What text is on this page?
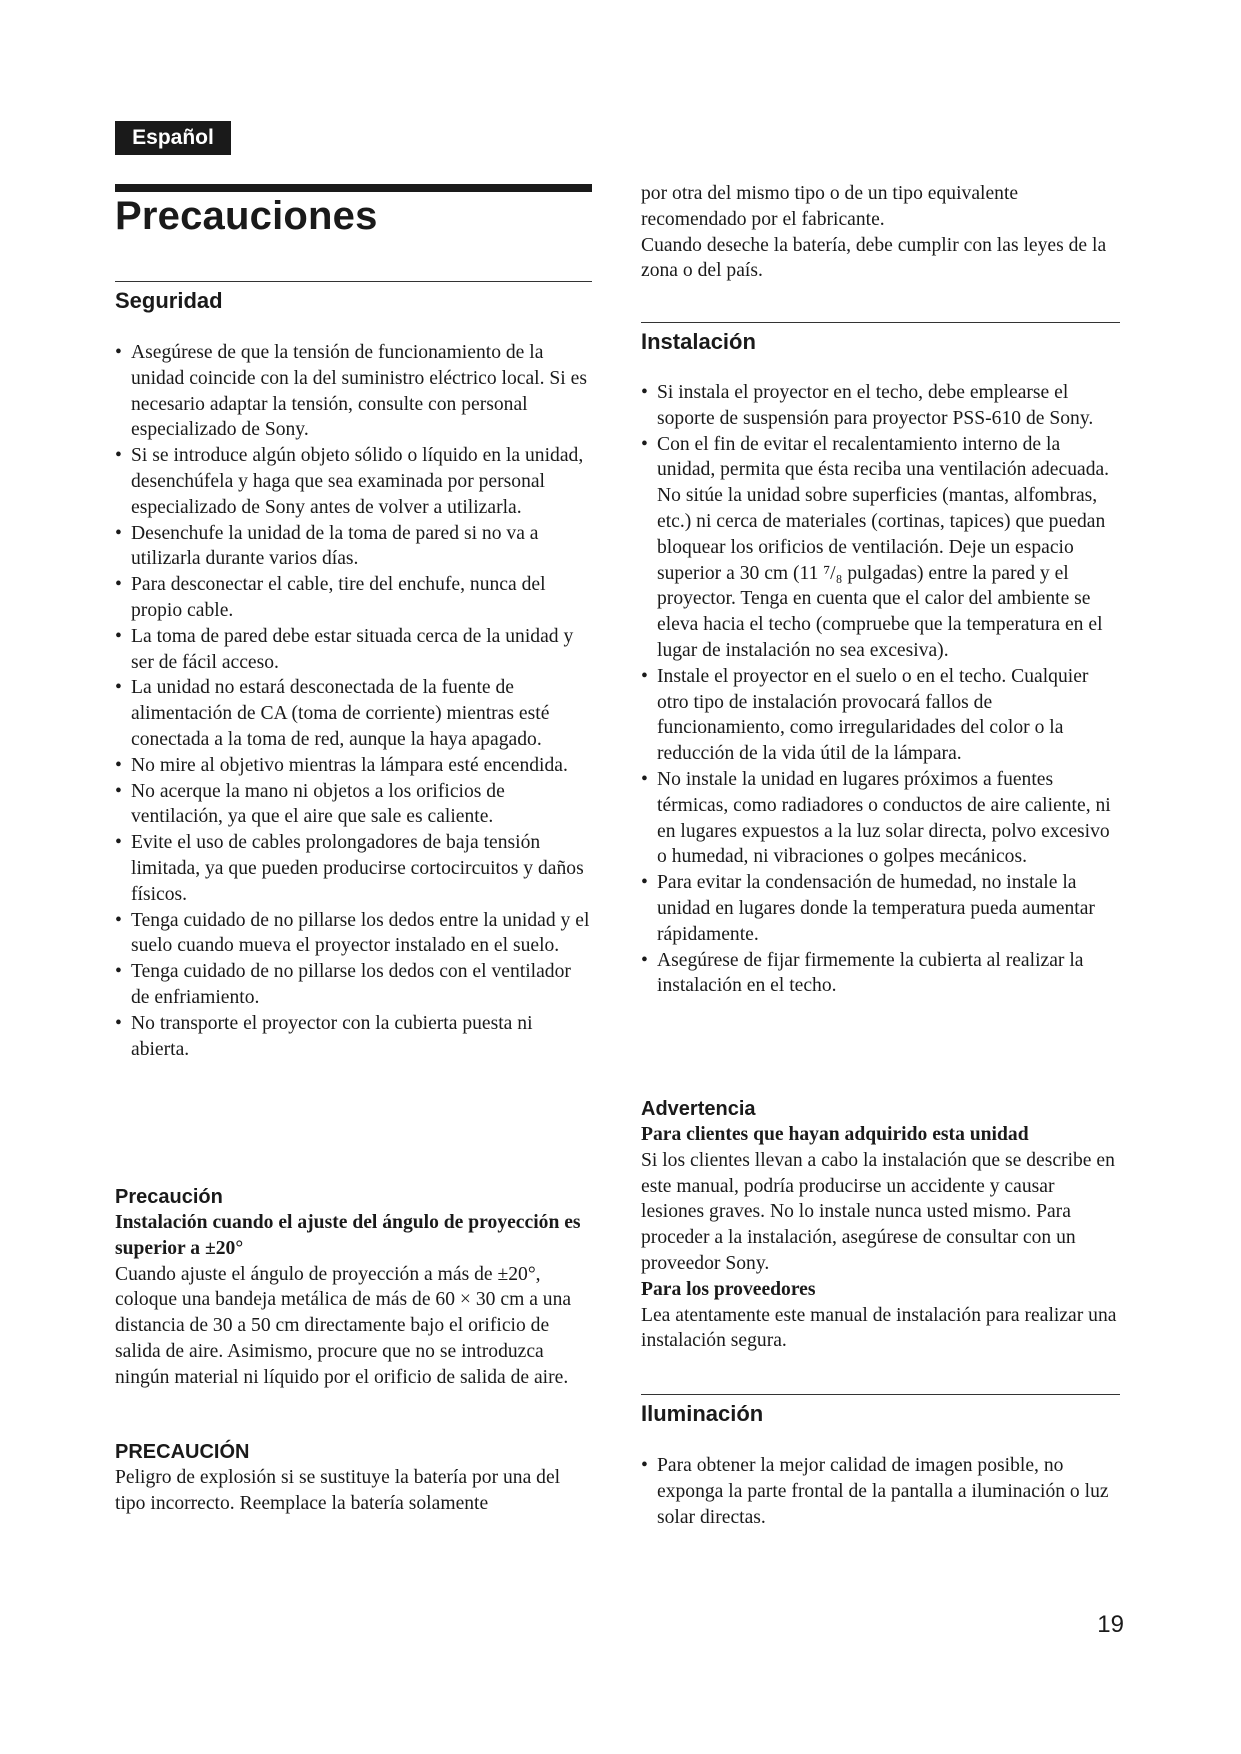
Español
Precauciones
Seguridad
• Asegúrese de que la tensión de funcionamiento de la unidad coincide con la del suministro eléctrico local. Si es necesario adaptar la tensión, consulte con personal especializado de Sony.
• Si se introduce algún objeto sólido o líquido en la unidad, desenchúfela y haga que sea examinada por personal especializado de Sony antes de volver a utilizarla.
• Desenchufe la unidad de la toma de pared si no va a utilizarla durante varios días.
• Para desconectar el cable, tire del enchufe, nunca del propio cable.
• La toma de pared debe estar situada cerca de la unidad y ser de fácil acceso.
• La unidad no estará desconectada de la fuente de alimentación de CA (toma de corriente) mientras esté conectada a la toma de red, aunque la haya apagado.
• No mire al objetivo mientras la lámpara esté encendida.
• No acerque la mano ni objetos a los orificios de ventilación, ya que el aire que sale es caliente.
• Evite el uso de cables prolongadores de baja tensión limitada, ya que pueden producirse cortocircuitos y daños físicos.
• Tenga cuidado de no pillarse los dedos entre la unidad y el suelo cuando mueva el proyector instalado en el suelo.
• Tenga cuidado de no pillarse los dedos con el ventilador de enfriamiento.
• No transporte el proyector con la cubierta puesta ni abierta.
Precaución

Instalación cuando el ajuste del ángulo de proyección es superior a ±20°

Cuando ajuste el ángulo de proyección a más de ±20°, coloque una bandeja metálica de más de 60 × 30 cm a una distancia de 30 a 50 cm directamente bajo el orificio de salida de aire. Asimismo, procure que no se introduzca ningún material ni líquido por el orificio de salida de aire.

PRECAUCIÓN

Peligro de explosión si se sustituye la batería por una del tipo incorrecto. Reemplace la batería solamente

por otra del mismo tipo o de un tipo equivalente recomendado por el fabricante.

Cuando deseche la batería, debe cumplir con las leyes de la zona o del país.

Instalación
• Si instala el proyector en el techo, debe emplearse el soporte de suspensión para proyector PSS-610 de Sony.
• Con el fin de evitar el recalentamiento interno de la unidad, permita que ésta reciba una ventilación adecuada. No sitúe la unidad sobre superficies (mantas, alfombras, etc.) ni cerca de materiales (cortinas, tapices) que puedan bloquear los orificios de ventilación. Deje un espacio superior a 30 cm (11 ⁷/₈ pulgadas) entre la pared y el proyector. Tenga en cuenta que el calor del ambiente se eleva hacia el techo (compruebe que la temperatura en el lugar de instalación no sea excesiva).
• Instale el proyector en el suelo o en el techo. Cualquier otro tipo de instalación provocará fallos de funcionamiento, como irregularidades del color o la reducción de la vida útil de la lámpara.
• No instale la unidad en lugares próximos a fuentes térmicas, como radiadores o conductos de aire caliente, ni en lugares expuestos a la luz solar directa, polvo excesivo o humedad, ni vibraciones o golpes mecánicos.
• Para evitar la condensación de humedad, no instale la unidad en lugares donde la temperatura pueda aumentar rápidamente.
• Asegúrese de fijar firmemente la cubierta al realizar la instalación en el techo.
Advertencia

Para clientes que hayan adquirido esta unidad

Si los clientes llevan a cabo la instalación que se describe en este manual, podría producirse un accidente y causar lesiones graves. No lo instale nunca usted mismo. Para proceder a la instalación, asegúrese de consultar con un proveedor Sony.

Para los proveedores

Lea atentamente este manual de instalación para realizar una instalación segura.

Iluminación
• Para obtener la mejor calidad de imagen posible, no exponga la parte frontal de la pantalla a iluminación o luz solar directas.
19
